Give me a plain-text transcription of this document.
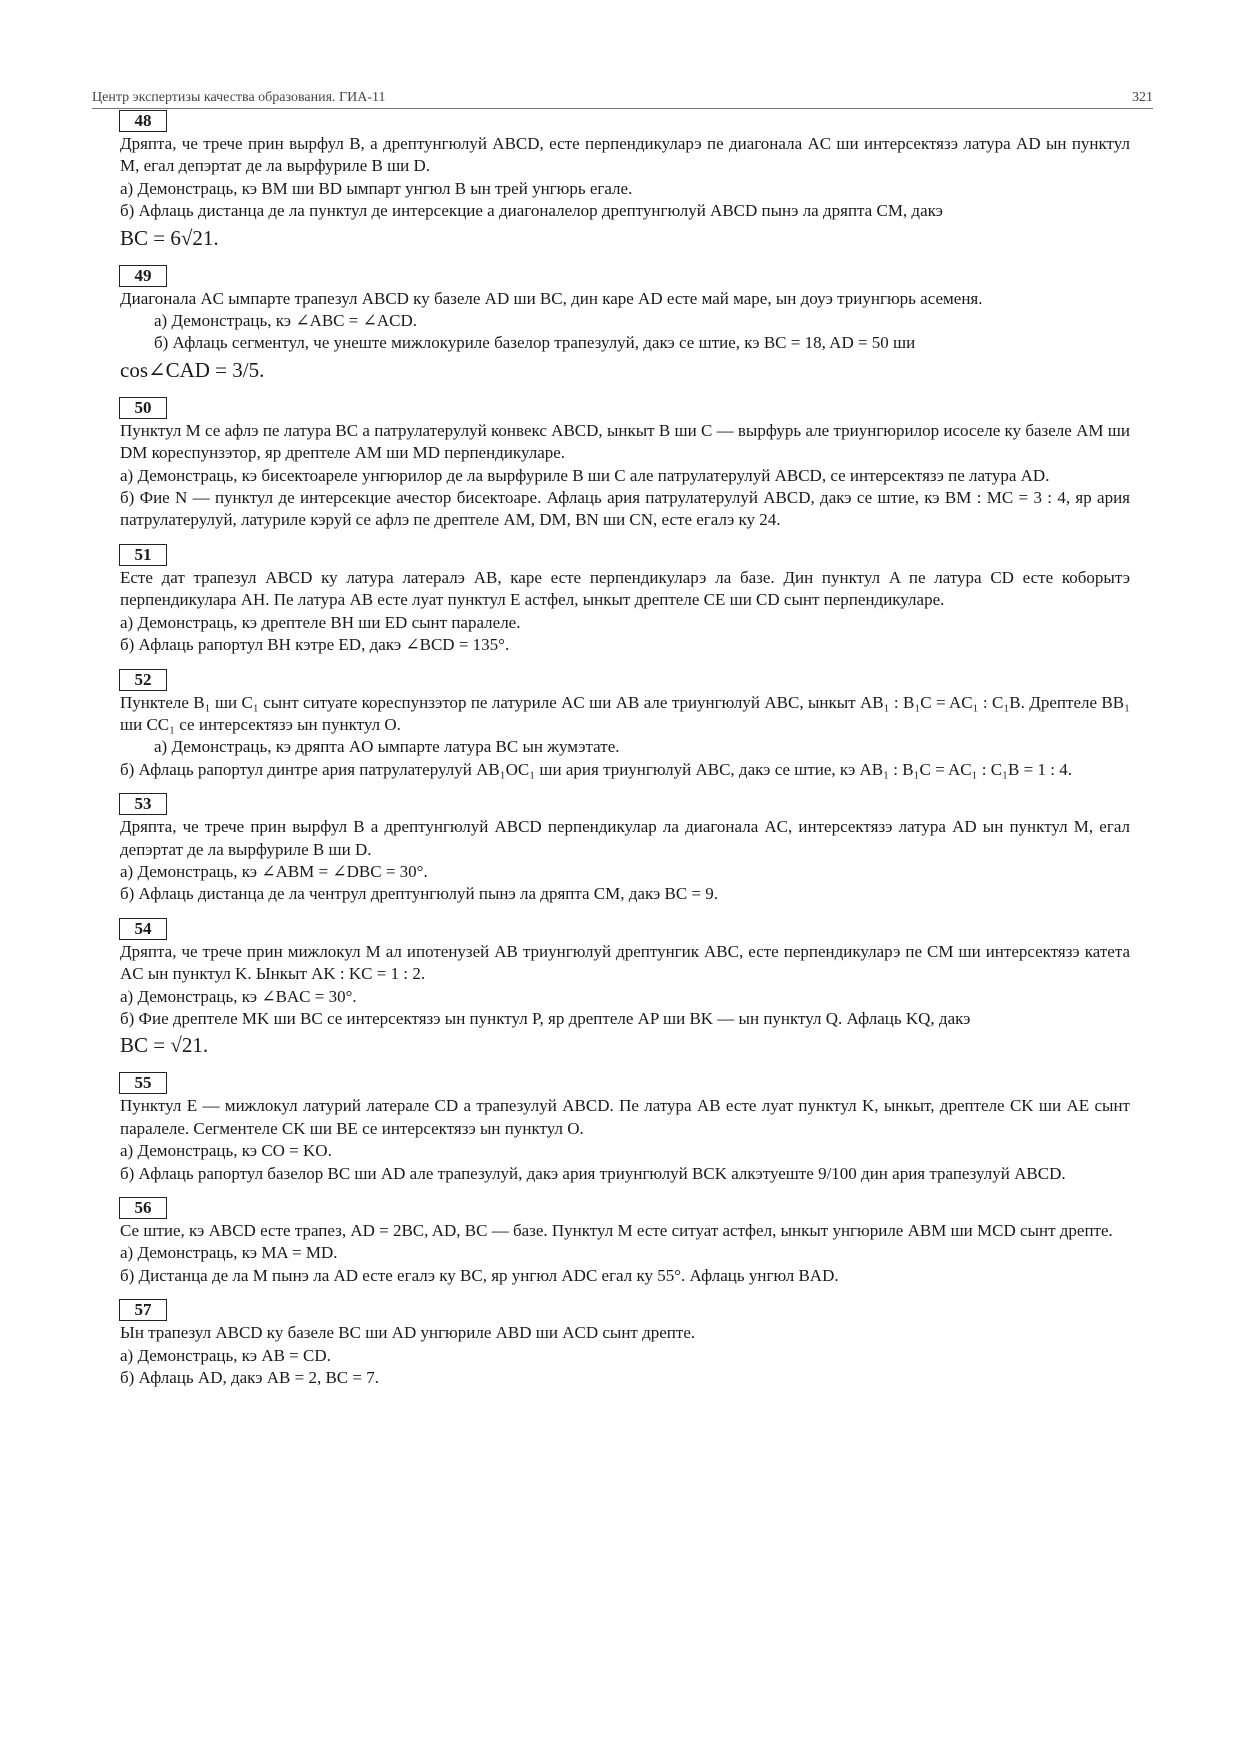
Центр экспертизы качества образования. ГИА-11	321
48

Дряпта, че трече прин вырфул B, а дрептунгюлуй ABCD, есте перпендикуларэ пе диагонала AC ши интерсектязэ латура AD ын пунктул M, егал депэртат де ла вырфуриле B ши D.

а) Демонстраць, кэ BM ши BD ымпарт унгюл B ын трей унгюрь егале.

б) Афлаць дистанца де ла пунктул де интерсекцие а диагоналелор дрептунгюлуй ABCD пынэ ла дряпта CM, дакэ

BC = 6√21.

49

Диагонала AC ымпарте трапезул ABCD ку базеле AD ши BC, дин каре AD есте май маре, ын доуэ триунгюрь асеменя.

а) Демонстраць, кэ ∠ABC = ∠ACD.

б) Афлаць сегментул, че унеште мижлокуриле базелор трапезулуй, дакэ се штие, кэ BC = 18, AD = 50 ши

cos∠CAD = 3/5.

50

Пунктул M се афлэ пе латура BC а патрулатерулуй конвекс ABCD, ынкыт B ши C — вырфурь але триунгюрилор исоселе ку базеле AM ши DM кореспунзэтор, яр дрептеле AM ши MD перпендикуларе.

а) Демонстраць, кэ бисектоареле унгюрилор де ла вырфуриле B ши C але патрулатерулуй ABCD, се интерсектязэ пе латура AD.

б) Фие N — пунктул де интерсекцие ачестор бисектоаре. Афлаць ария патрулатерулуй ABCD, дакэ се штие, кэ BM : MC = 3 : 4, яр ария патрулатерулуй, латуриле кэруй се афлэ пе дрептеле AM, DM, BN ши CN, есте егалэ ку 24.

51

Есте дат трапезул ABCD ку латура латералэ AB, каре есте перпендикуларэ ла базе. Дин пунктул A пе латура CD есте коборытэ перпендикулара AH. Пе латура AB есте луат пунктул E астфел, ынкыт дрептеле CE ши CD сынт перпендикуларе.

а) Демонстраць, кэ дрептеле BH ши ED сынт паралеле.

б) Афлаць рапортул BH кэтре ED, дакэ ∠BCD = 135°.

52

Пунктеле B₁ ши C₁ сынт ситуате кореспунзэтор пе латуриле AC ши AB але триунгюлуй ABC, ынкыт AB₁ : B₁C = AC₁ : C₁B. Дрептеле BB₁ ши CC₁ се интерсектязэ ын пунктул O.

а) Демонстраць, кэ дряпта AO ымпарте латура BC ын жумэтате.

б) Афлаць рапортул динтре ария патрулатерулуй AB₁OC₁ ши ария триунгюлуй ABC, дакэ се штие, кэ AB₁ : B₁C = AC₁ : C₁B = 1 : 4.

53

Дряпта, че трече прин вырфул B а дрептунгюлуй ABCD перпендикулар ла диагонала AC, интерсектязэ латура AD ын пунктул M, егал депэртат де ла вырфуриле B ши D.

а) Демонстраць, кэ ∠ABM = ∠DBC = 30°.

б) Афлаць дистанца де ла чентрул дрептунгюлуй пынэ ла дряпта CM, дакэ BC = 9.

54

Дряпта, че трече прин мижлокул M ал ипотенузей AB триунгюлуй дрептунгик ABC, есте перпендикуларэ пе CM ши интерсектязэ катета AC ын пунктул K. Ынкыт AK : KC = 1 : 2.

а) Демонстраць, кэ ∠BAC = 30°.

б) Фие дрептеле MK ши BC се интерсектязэ ын пунктул P, яр дрептеле AP ши BK — ын пунктул Q. Афлаць KQ, дакэ

BC = √21.

55

Пунктул E — мижлокул латурий латерале CD а трапезулуй ABCD. Пе латура AB есте луат пунктул K, ынкыт, дрептеле CK ши AE сынт паралеле. Сегментеле CK ши BE се интерсектязэ ын пунктул O.

а) Демонстраць, кэ CO = KO.

б) Афлаць рапортул базелор BC ши AD але трапезулуй, дакэ ария триунгюлуй BCK алкэтуеште 9/100 дин ария трапезулуй ABCD.

56

Се штие, кэ ABCD есте трапез, AD = 2BC, AD, BC — базе. Пунктул M есте ситуат астфел, ынкыт унгюриле ABM ши MCD сынт дрепте.

а) Демонстраць, кэ MA = MD.

б) Дистанца де ла M пынэ ла AD есте егалэ ку BC, яр унгюл ADC егал ку 55°. Афлаць унгюл BAD.

57

Ын трапезул ABCD ку базеле BC ши AD унгюриле ABD ши ACD сынт дрепте.

а) Демонстраць, кэ AB = CD.

б) Афлаць AD, дакэ AB = 2, BC = 7.
